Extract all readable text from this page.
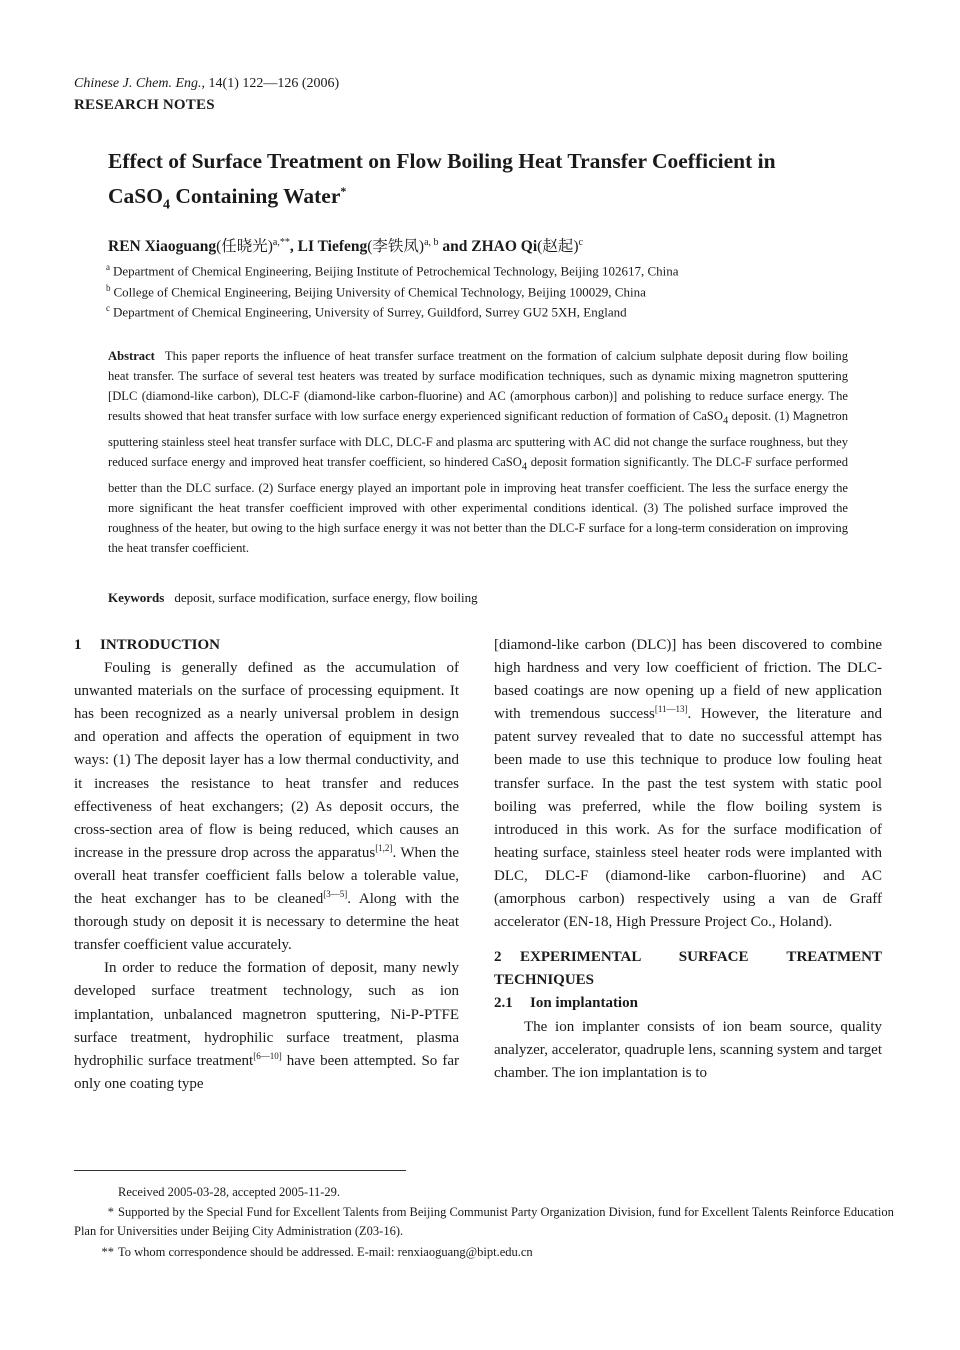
Chinese J. Chem. Eng., 14(1) 122—126 (2006)
RESEARCH NOTES
Effect of Surface Treatment on Flow Boiling Heat Transfer Coefficient in
CaSO$_4$ Containing Water*
REN Xiaoguang(任晓光)$^{a,**}$, LI Tiefeng(李铁凤)$^{a, b}$ and ZHAO Qi(赵起)$^c$
$^a$ Department of Chemical Engineering, Beijing Institute of Petrochemical Technology, Beijing 102617, China
$^b$ College of Chemical Engineering, Beijing University of Chemical Technology, Beijing 100029, China
$^c$ Department of Chemical Engineering, University of Surrey, Guildford, Surrey GU2 5XH, England
Abstract This paper reports the influence of heat transfer surface treatment on the formation of calcium sulphate deposit during flow boiling heat transfer. The surface of several test heaters was treated by surface modification techniques, such as dynamic mixing magnetron sputtering [DLC (diamond-like carbon), DLC-F (diamond-like carbon-fluorine) and AC (amorphous carbon)] and polishing to reduce surface energy. The results showed that heat transfer surface with low surface energy experienced significant reduction of formation of CaSO$_4$ deposit. (1) Magnetron sputtering stainless steel heat transfer surface with DLC, DLC-F and plasma arc sputtering with AC did not change the surface roughness, but they reduced surface energy and improved heat transfer coefficient, so hindered CaSO$_4$ deposit formation significantly. The DLC-F surface performed better than the DLC surface. (2) Surface energy played an important pole in improving heat transfer coefficient. The less the surface energy the more significant the heat transfer coefficient improved with other experimental conditions identical. (3) The polished surface improved the roughness of the heater, but owing to the high surface energy it was not better than the DLC-F surface for a long-term consideration on improving the heat transfer coefficient.
Keywords deposit, surface modification, surface energy, flow boiling
1 INTRODUCTION

Fouling is generally defined as the accumulation of unwanted materials on the surface of processing equipment. It has been recognized as a nearly universal problem in design and operation and affects the operation of equipment in two ways: (1) The deposit layer has a low thermal conductivity, and it increases the resistance to heat transfer and reduces effectiveness of heat exchangers; (2) As deposit occurs, the cross-section area of flow is being reduced, which causes an increase in the pressure drop across the apparatus[1,2]. When the overall heat transfer coefficient falls below a tolerable value, the heat exchanger has to be cleaned[3—5]. Along with the thorough study on deposit it is necessary to determine the heat transfer coefficient value accurately.

In order to reduce the formation of deposit, many newly developed surface treatment technology, such as ion implantation, unbalanced magnetron sputtering, Ni-P-PTFE surface treatment, hydrophilic surface treatment, plasma hydrophilic surface treatment[6—10] have been attempted. So far only one coating type

[diamond-like carbon (DLC)] has been discovered to combine high hardness and very low coefficient of friction. The DLC-based coatings are now opening up a field of new application with tremendous success[11—13]. However, the literature and patent survey revealed that to date no successful attempt has been made to use this technique to produce low fouling heat transfer surface. In the past the test system with static pool boiling was preferred, while the flow boiling system is introduced in this work. As for the surface modification of heating surface, stainless steel heater rods were implanted with DLC, DLC-F (diamond-like carbon-fluorine) and AC (amorphous carbon) respectively using a van de Graff accelerator (EN-18, High Pressure Project Co., Holand).

2 EXPERIMENTAL SURFACE TREATMENT TECHNIQUES
2.1 Ion implantation

The ion implanter consists of ion beam source, quality analyzer, accelerator, quadruple lens, scanning system and target chamber. The ion implantation is to

Received 2005-03-28, accepted 2005-11-29.
* Supported by the Special Fund for Excellent Talents from Beijing Communist Party Organization Division, fund for Excellent Talents Reinforce Education Plan for Universities under Beijing City Administration (Z03-16).
** To whom correspondence should be addressed. E-mail: renxiaoguang@bipt.edu.cn
